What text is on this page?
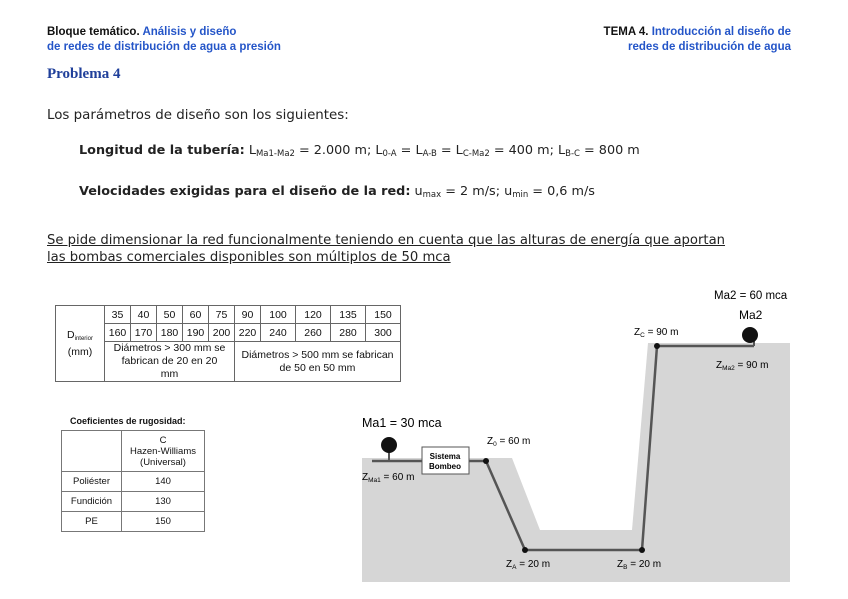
Bloque temático. Análisis y diseño
de redes de distribución de agua a presión
TEMA 4. Introducción al diseño de
redes de distribución de agua
Problema 4
Los parámetros de diseño son los siguientes:
Longitud de la tubería: $L_{Ma1-Ma2} = 2.000$ m; $L_{0-A} = L_{A-B} = L_{C-Ma2} = 400$ m; $L_{B-C} = 800$ m
Velocidades exigidas para el diseño de la red: $u_{max} = 2$ m/s; $u_{min} = 0,6$ m/s
Se pide dimensionar la red funcionalmente teniendo en cuenta que las alturas de energía que aportan
las bombas comerciales disponibles son múltiplos de 50 mca
$D_{interior}$
(mm)	35	40	50	60	75	90	100	120	135	150
	160	170	180	190	200	220	240	260	280	300
	Diámetros > 300 mm se fabrican de 20 en 20 mm					Diámetros > 500 mm se fabrican de 50 en 50 mm				
Coeficientes de rugosidad:
	C
Hazen-Williams
(Universal)
Poliéster	140
Fundición	130
PE	150
Sistema
Bombeo
Ma1 = 30 mca
Ma2 = 60 mca
Ma2
$Z_{Ma1} = 60$ m
$Z_0 = 60$ m
$Z_C = 90$ m
$Z_{Ma2} = 90$ m
$Z_A = 20$ m	$Z_B = 20$ m
